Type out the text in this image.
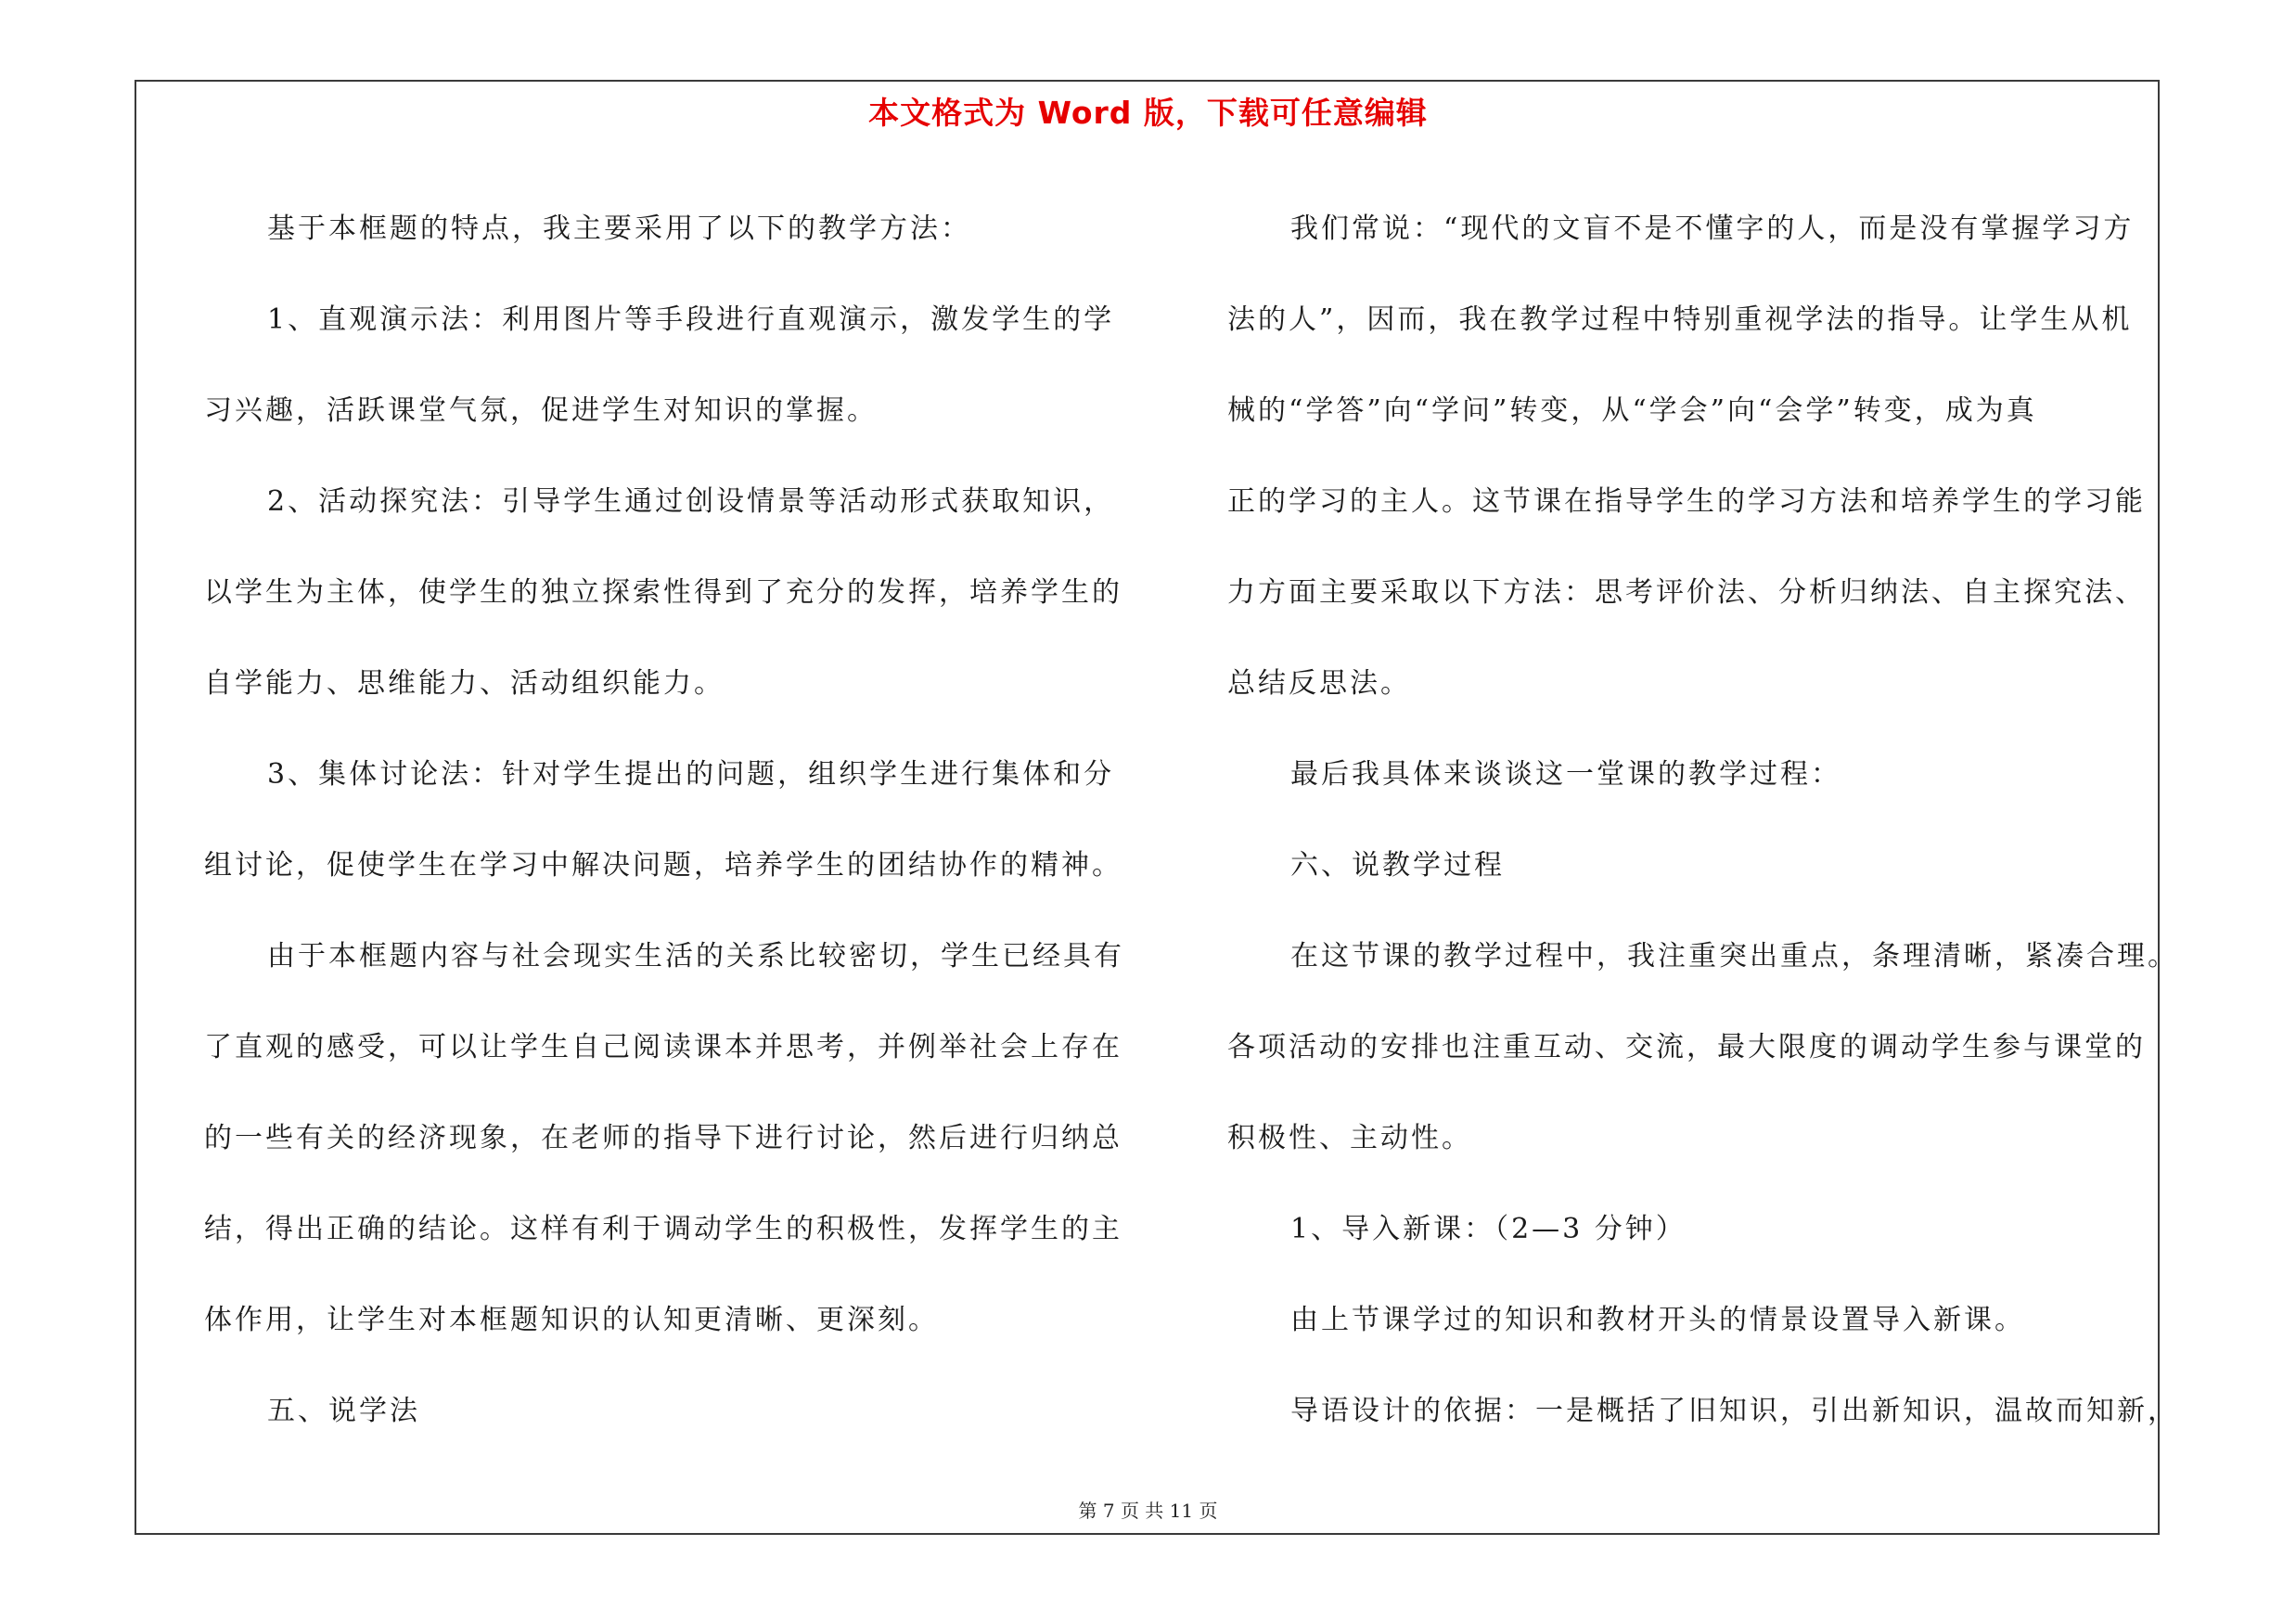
本文格式为 Word 版，下载可任意编辑
基于本框题的特点，我主要采用了以下的教学方法：
1、直观演示法：利用图片等手段进行直观演示，激发学生的学
习兴趣，活跃课堂气氛，促进学生对知识的掌握。
2、活动探究法：引导学生通过创设情景等活动形式获取知识，
以学生为主体，使学生的独立探索性得到了充分的发挥，培养学生的
自学能力、思维能力、活动组织能力。
3、集体讨论法：针对学生提出的问题，组织学生进行集体和分
组讨论，促使学生在学习中解决问题，培养学生的团结协作的精神。
由于本框题内容与社会现实生活的关系比较密切，学生已经具有
了直观的感受，可以让学生自己阅读课本并思考，并例举社会上存在
的一些有关的经济现象，在老师的指导下进行讨论，然后进行归纳总
结，得出正确的结论。这样有利于调动学生的积极性，发挥学生的主
体作用，让学生对本框题知识的认知更清晰、更深刻。
五、说学法
我们常说：“现代的文盲不是不懂字的人，而是没有掌握学习方
法的人”，因而，我在教学过程中特别重视学法的指导。让学生从机
械的“学答”向“学问”转变，从“学会”向“会学”转变，成为真
正的学习的主人。这节课在指导学生的学习方法和培养学生的学习能
力方面主要采取以下方法：思考评价法、分析归纳法、自主探究法、
总结反思法。
最后我具体来谈谈这一堂课的教学过程：
六、说教学过程
在这节课的教学过程中，我注重突出重点，条理清晰，紧凑合理。
各项活动的安排也注重互动、交流，最大限度的调动学生参与课堂的
积极性、主动性。
1、导入新课：（2—3 分钟）
由上节课学过的知识和教材开头的情景设置导入新课。
导语设计的依据：一是概括了旧知识，引出新知识，温故而知新，
第 7 页 共 11 页
